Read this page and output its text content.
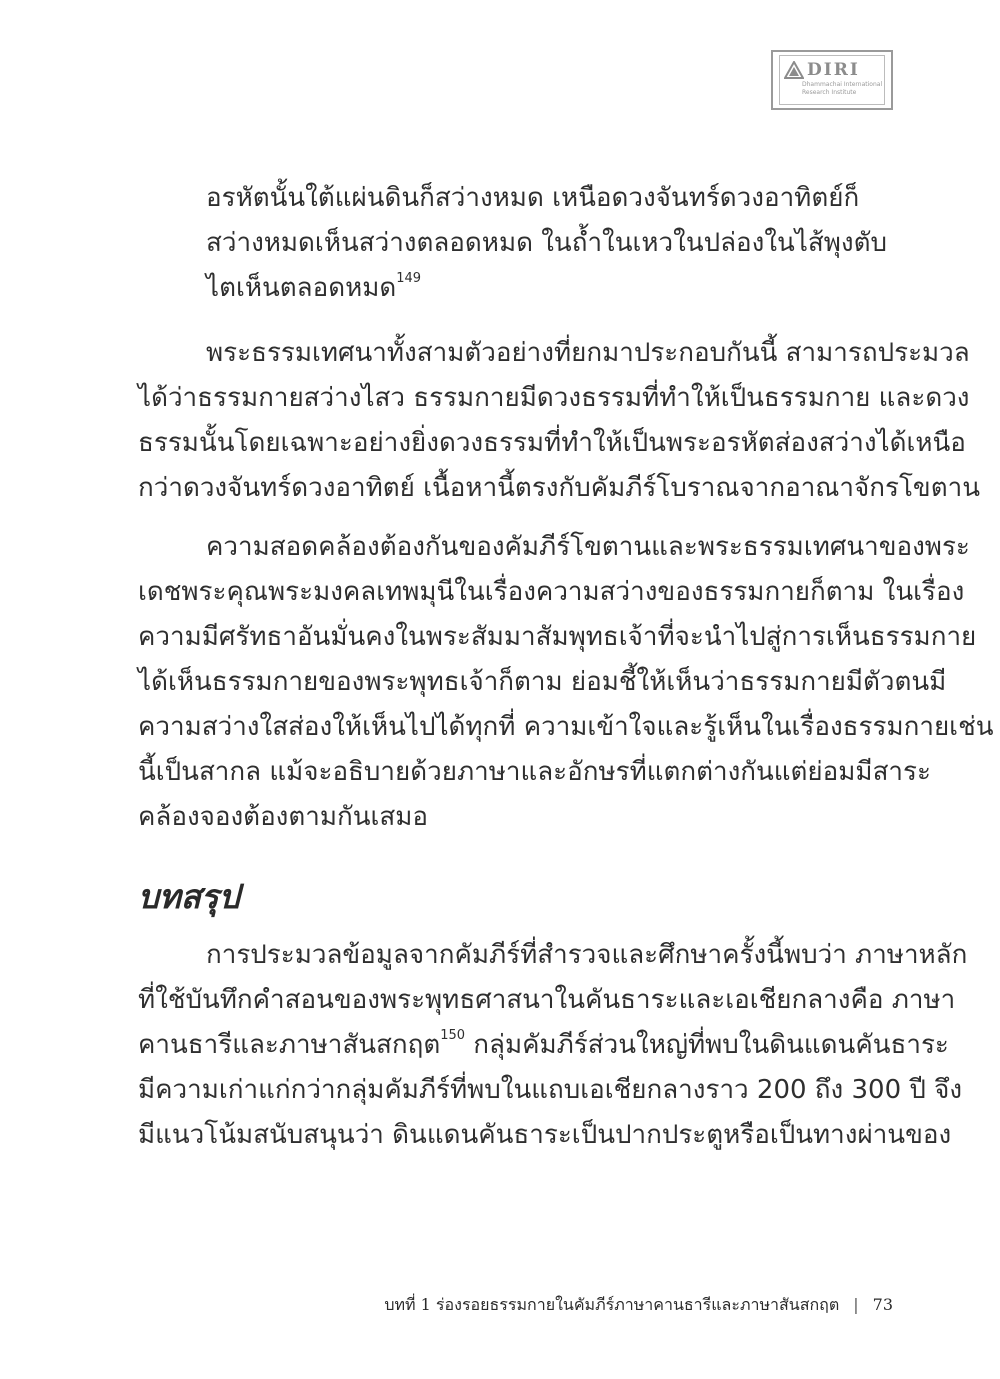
DIRI
Dhammachai International
Research Institute
อรหัตนั้นใต้แผ่นดินก็สว่างหมด เหนือดวงจันทร์ดวงอาทิตย์ก็
สว่างหมดเห็นสว่างตลอดหมด ในถ้ำในเหวในปล่องในไส้พุงตับ
ไตเห็นตลอดหมด$^{149}$
พระธรรมเทศนาทั้งสามตัวอย่างที่ยกมาประกอบกันนี้ สามารถประมวล
ได้ว่าธรรมกายสว่างไสว ธรรมกายมีดวงธรรมที่ทำให้เป็นธรรมกาย และดวง
ธรรมนั้นโดยเฉพาะอย่างยิ่งดวงธรรมที่ทำให้เป็นพระอรหัตส่องสว่างได้เหนือ
กว่าดวงจันทร์ดวงอาทิตย์ เนื้อหานี้ตรงกับคัมภีร์โบราณจากอาณาจักรโขตาน
ความสอดคล้องต้องกันของคัมภีร์โขตานและพระธรรมเทศนาของพระ
เดชพระคุณพระมงคลเทพมุนีในเรื่องความสว่างของธรรมกายก็ตาม ในเรื่อง
ความมีศรัทธาอันมั่นคงในพระสัมมาสัมพุทธเจ้าที่จะนำไปสู่การเห็นธรรมกาย
ได้เห็นธรรมกายของพระพุทธเจ้าก็ตาม ย่อมชี้ให้เห็นว่าธรรมกายมีตัวตนมี
ความสว่างใสส่องให้เห็นไปได้ทุกที่ ความเข้าใจและรู้เห็นในเรื่องธรรมกายเช่น
นี้เป็นสากล แม้จะอธิบายด้วยภาษาและอักษรที่แตกต่างกันแต่ย่อมมีสาระ
คล้องจองต้องตามกันเสมอ
บทสรุป
การประมวลข้อมูลจากคัมภีร์ที่สำรวจและศึกษาครั้งนี้พบว่า ภาษาหลัก
ที่ใช้บันทึกคำสอนของพระพุทธศาสนาในคันธาระและเอเชียกลางคือ ภาษา
คานธารีและภาษาสันสกฤต$^{150}$ กลุ่มคัมภีร์ส่วนใหญ่ที่พบในดินแดนคันธาระ
มีความเก่าแก่กว่ากลุ่มคัมภีร์ที่พบในแถบเอเชียกลางราว 200 ถึง 300 ปี จึง
มีแนวโน้มสนับสนุนว่า ดินแดนคันธาระเป็นปากประตูหรือเป็นทางผ่านของ
บทที่ 1 ร่องรอยธรรมกายในคัมภีร์ภาษาคานธารีและภาษาสันสกฤต | 73
